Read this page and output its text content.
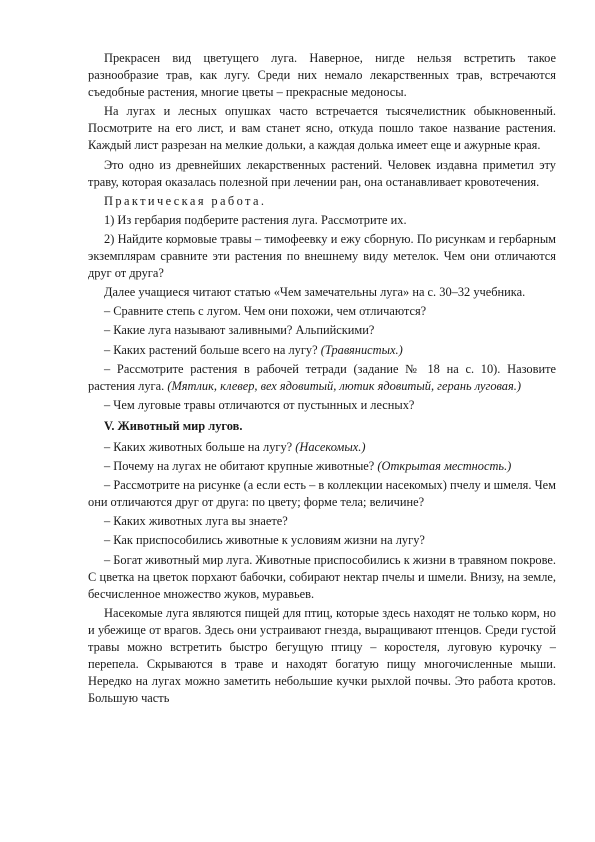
Прекрасен вид цветущего луга. Наверное, нигде нельзя встретить такое разнообразие трав, как лугу. Среди них немало лекарственных трав, встречаются съедобные растения, многие цветы – прекрасные медоносы.

На лугах и лесных опушках часто встречается тысячелистник обыкновенный. Посмотрите на его лист, и вам станет ясно, откуда пошло такое название растения. Каждый лист разрезан на мелкие дольки, а каждая долька имеет еще и ажурные края.

Это одно из древнейших лекарственных растений. Человек издавна приметил эту траву, которая оказалась полезной при лечении ран, она останавливает кровотечения.

Практическая работа.

1) Из гербария подберите растения луга. Рассмотрите их.

2) Найдите кормовые травы – тимофеевку и ежу сборную. По рисункам и гербарным экземплярам сравните эти растения по внешнему виду метелок. Чем они отличаются друг от друга?

Далее учащиеся читают статью «Чем замечательны луга» на с. 30–32 учебника.

– Сравните степь с лугом. Чем они похожи, чем отличаются?

– Какие луга называют заливными? Альпийскими?

– Каких растений больше всего на лугу? (Травянистых.)

– Рассмотрите растения в рабочей тетради (задание № 18 на с. 10). Назовите растения луга. (Мятлик, клевер, вех ядовитый, лютик ядовитый, герань луговая.)

– Чем луговые травы отличаются от пустынных и лесных?

V. Животный мир лугов.

– Каких животных больше на лугу? (Насекомых.)

– Почему на лугах не обитают крупные животные? (Открытая местность.)

– Рассмотрите на рисунке (а если есть – в коллекции насекомых) пчелу и шмеля. Чем они отличаются друг от друга: по цвету; форме тела; величине?

– Каких животных луга вы знаете?

– Как приспособились животные к условиям жизни на лугу?

– Богат животный мир луга. Животные приспособились к жизни в травяном покрове. С цветка на цветок порхают бабочки, собирают нектар пчелы и шмели. Внизу, на земле, бесчисленное множество жуков, муравьев.

Насекомые луга являются пищей для птиц, которые здесь находят не только корм, но и убежище от врагов. Здесь они устраивают гнезда, выращивают птенцов. Среди густой травы можно встретить быстро бегущую птицу – коростеля, луговую курочку – перепела. Скрываются в траве и находят богатую пищу многочисленные мыши. Нередко на лугах можно заметить небольшие кучки рыхлой почвы. Это работа кротов. Большую часть
